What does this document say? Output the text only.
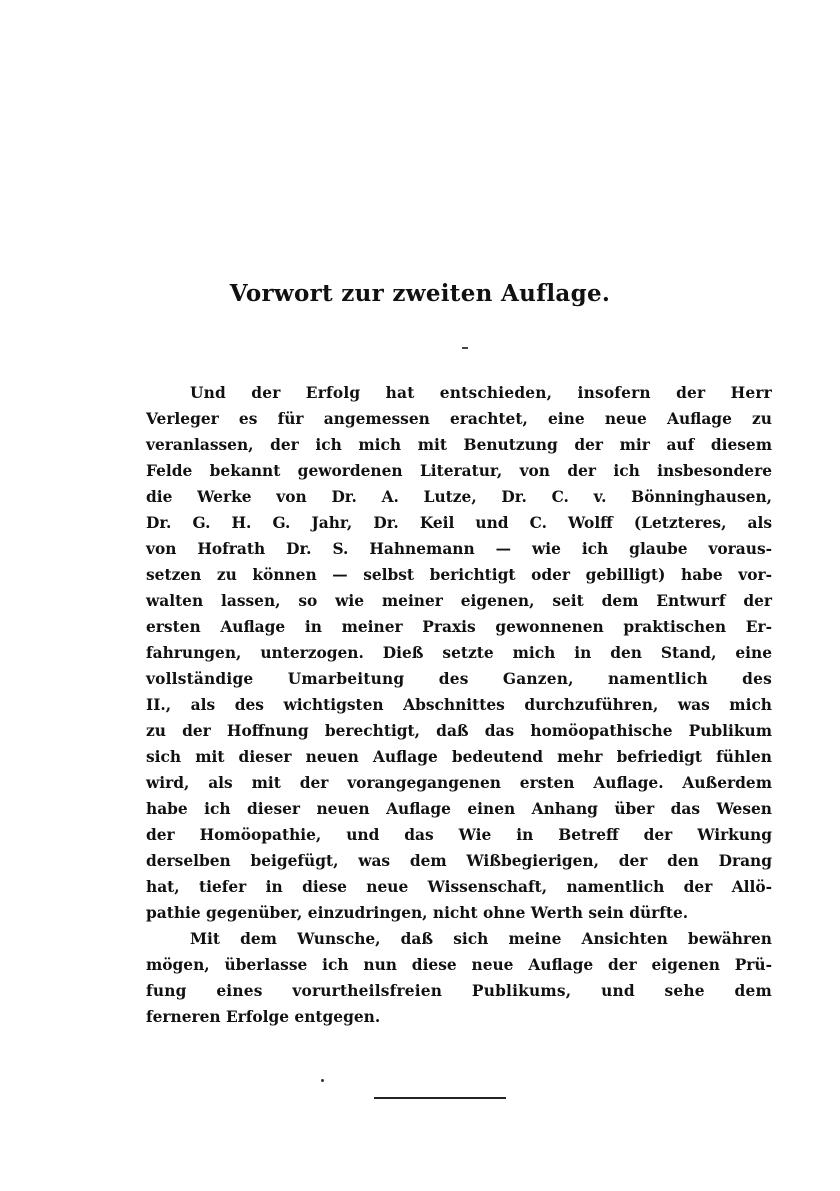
Vorwort zur zweiten Auflage.
Und der Erfolg hat entschieden, insofern der Herr
Verleger es für angemessen erachtet, eine neue Auflage zu
veranlassen, der ich mich mit Benutzung der mir auf diesem
Felde bekannt gewordenen Literatur, von der ich insbesondere
die Werke von Dr. A. Lutze, Dr. C. v. Bönninghausen,
Dr. G. H. G. Jahr, Dr. Keil und C. Wolff (Letzteres, als
von Hofrath Dr. S. Hahnemann — wie ich glaube voraus-
setzen zu können — selbst berichtigt oder gebilligt) habe vor-
walten lassen, so wie meiner eigenen, seit dem Entwurf der
ersten Auflage in meiner Praxis gewonnenen praktischen Er-
fahrungen, unterzogen. Dieß setzte mich in den Stand, eine
vollständige Umarbeitung des Ganzen, namentlich des
II., als des wichtigsten Abschnittes durchzuführen, was mich
zu der Hoffnung berechtigt, daß das homöopathische Publikum
sich mit dieser neuen Auflage bedeutend mehr befriedigt fühlen
wird, als mit der vorangegangenen ersten Auflage. Außerdem
habe ich dieser neuen Auflage einen Anhang über das Wesen
der Homöopathie, und das Wie in Betreff der Wirkung
derselben beigefügt, was dem Wißbegierigen, der den Drang
hat, tiefer in diese neue Wissenschaft, namentlich der Allö-
pathie gegenüber, einzudringen, nicht ohne Werth sein dürfte.
Mit dem Wunsche, daß sich meine Ansichten bewähren
mögen, überlasse ich nun diese neue Auflage der eigenen Prü-
fung eines vorurtheilsfreien Publikums, und sehe dem
ferneren Erfolge entgegen.
